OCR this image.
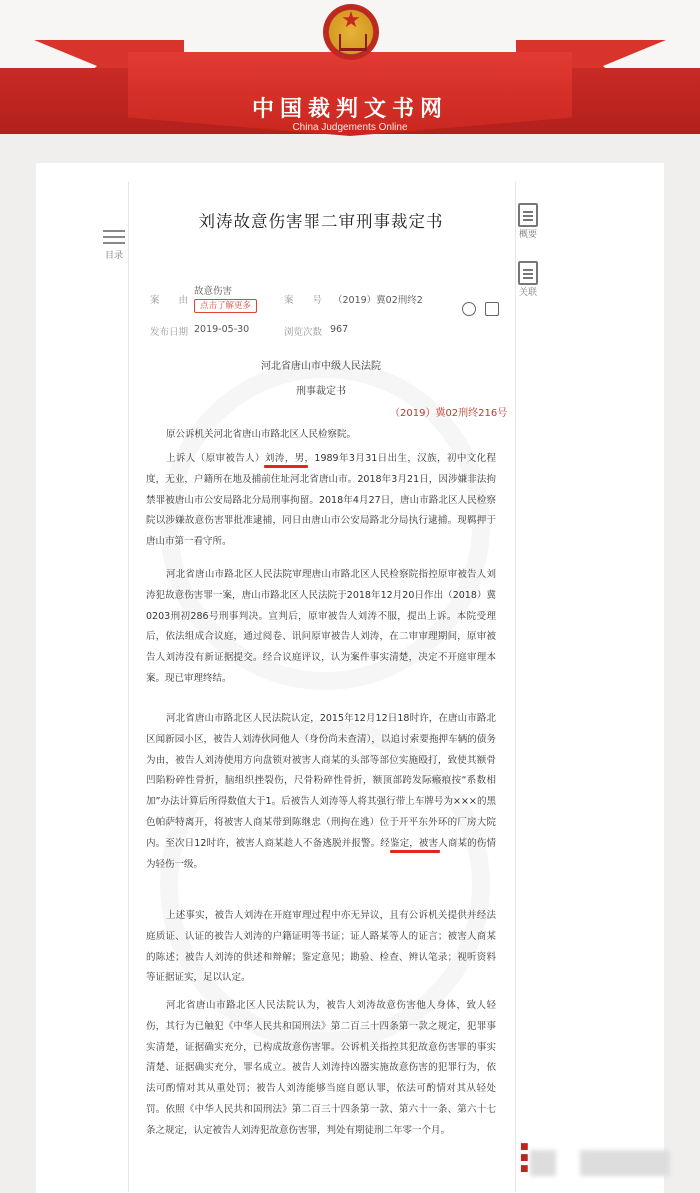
★
中国裁判文书网
China Judgements Online
目录
概要
关联
刘涛故意伤害罪二审刑事裁定书
案　　由
故意伤害
点击了解更多	案　　号 （2019）冀02刑终2

发布日期 2019-05-30	浏览次数 967
河北省唐山市中级人民法院
刑事裁定书
（2019）冀02刑终216号
原公诉机关河北省唐山市路北区人民检察院。
上诉人（原审被告人）刘涛，男，1989年3月31日出生，汉族，初中文化程度，无业，户籍所在地及捕前住址河北省唐山市。2018年3月21日，因涉嫌非法拘禁罪被唐山市公安局路北分局刑事拘留。2018年4月27日，唐山市路北区人民检察院以涉嫌故意伤害罪批准逮捕，同日由唐山市公安局路北分局执行逮捕。现羁押于唐山市第一看守所。
河北省唐山市路北区人民法院审理唐山市路北区人民检察院指控原审被告人刘涛犯故意伤害罪一案，唐山市路北区人民法院于2018年12月20日作出（2018）冀0203刑初286号刑事判决。宣判后，原审被告人刘涛不服，提出上诉。本院受理后，依法组成合议庭，通过阅卷、讯问原审被告人刘涛，在二审审理期间，原审被告人刘涛没有新证据提交。经合议庭评议，认为案件事实清楚，决定不开庭审理本案。现已审理终结。
河北省唐山市路北区人民法院认定，2015年12月12日18时许，在唐山市路北区闻新园小区，被告人刘涛伙同他人（身份尚未查清），以追讨索要拖押车辆的债务为由，被告人刘涛使用方向盘锁对被害人商某的头部等部位实施殴打，致使其额骨凹陷粉碎性骨折，脑组织挫裂伤，尺骨粉碎性骨折，额顶部跨发际瘢痕按“系数相加”办法计算后所得数值大于1。后被告人刘涛等人将其强行带上车牌号为×××的黑色帕萨特离开，将被害人商某带到陈继忠（刑拘在逃）位于开平东外环的厂房大院内。至次日12时许，被害人商某趁人不备逃脱并报警。经鉴定，被害人商某的伤情为轻伤一级。
上述事实，被告人刘涛在开庭审理过程中亦无异议，且有公诉机关提供并经法庭质证、认证的被告人刘涛的户籍证明等书证；证人路某等人的证言；被害人商某的陈述；被告人刘涛的供述和辩解；鉴定意见；勘验、检查、辨认笔录；视听资料等证据证实，足以认定。
河北省唐山市路北区人民法院认为，被告人刘涛故意伤害他人身体，致人轻伤，其行为已触犯《中华人民共和国刑法》第二百三十四条第一款之规定，犯罪事实清楚，证据确实充分，已构成故意伤害罪。公诉机关指控其犯故意伤害罪的事实清楚、证据确实充分，罪名成立。被告人刘涛持凶器实施故意伤害的犯罪行为，依法可酌情对其从重处罚；被告人刘涛能够当庭自愿认罪，依法可酌情对其从轻处罚。依照《中华人民共和国刑法》第二百三十四条第一款、第六十一条、第六十七条之规定，认定被告人刘涛犯故意伤害罪，判处有期徒刑二年零一个月。
■
■
■
